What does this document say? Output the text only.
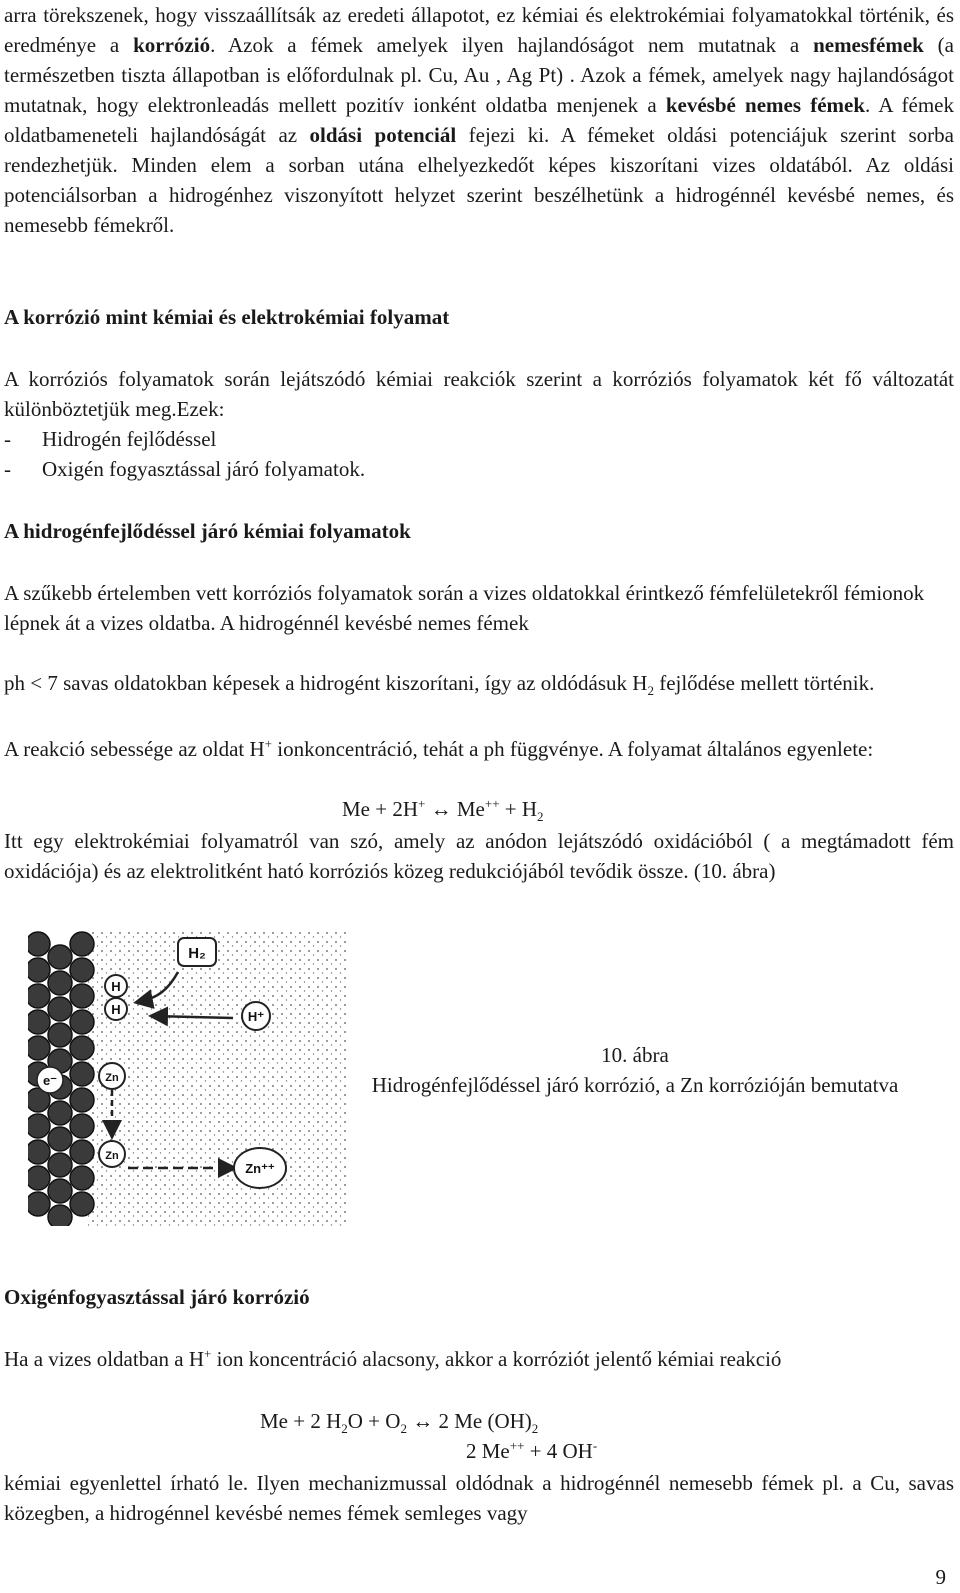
arra törekszenek, hogy visszaállítsák az eredeti állapotot, ez kémiai és elektrokémiai folyamatokkal történik, és eredménye a korrózió. Azok a fémek amelyek ilyen hajlandóságot nem mutatnak a nemesfémek (a természetben tiszta állapotban is előfordulnak pl. Cu, Au , Ag Pt) . Azok a fémek, amelyek nagy hajlandóságot mutatnak, hogy elektronleadás mellett pozitív ionként oldatba menjenek a kevésbé nemes fémek. A fémek oldatbameneteli hajlandóságát az oldási potenciál fejezi ki. A fémeket oldási potenciájuk szerint sorba rendezhetjük. Minden elem a sorban utána elhelyezkedőt képes kiszorítani vizes oldatából. Az oldási potenciálsorban a hidrogénhez viszonyított helyzet szerint beszélhetünk a hidrogénnél kevésbé nemes, és nemesebb fémekről.

A korrózió mint kémiai és elektrokémiai folyamat

A korróziós folyamatok során lejátszódó kémiai reakciók szerint a korróziós folyamatok két fő változatát különböztetjük meg.Ezek:

- Hidrogén fejlődéssel
- Oxigén fogyasztással járó folyamatok.
A hidrogénfejlődéssel járó kémiai folyamatok

A szűkebb értelemben vett korróziós folyamatok során a vizes oldatokkal érintkező fémfelületekről fémionok lépnek át a vizes oldatba. A hidrogénnél kevésbé nemes fémek

ph < 7 savas oldatokban képesek a hidrogént kiszorítani, így az oldódásuk $H_2$ fejlődése mellett történik.

A reakció sebessége az oldat H+ ionkoncentráció, tehát a ph függvénye. A folyamat általános egyenlete:

Me + 2H+ ↔ $Me^{++} + H_2$

Itt egy elektrokémiai folyamatról van szó, amely az anódon lejátszódó oxidációból ( a megtámadott fém oxidációja) és az elektrolitként ható korróziós közeg redukciójából tevődik össze. (10. ábra)

H₂
H
H	H⁺
e⁻	Zn
Zn
Zn⁺⁺
10. ábra
Hidrogénfejlődéssel járó korrózió, a Zn korrózióján bemutatva
Oxigénfogyasztással járó korrózió

Ha a vizes oldatban a H+ ion koncentráció alacsony, akkor a korróziót jelentő kémiai reakció

Me + 2 $H_2O + O_2$ ↔ 2 Me $(OH)_2$
2 Me++ + 4 OH-

kémiai egyenlettel írható le. Ilyen mechanizmussal oldódnak a hidrogénnél nemesebb fémek pl. a Cu, savas közegben, a hidrogénnel kevésbé nemes fémek semleges vagy

9
